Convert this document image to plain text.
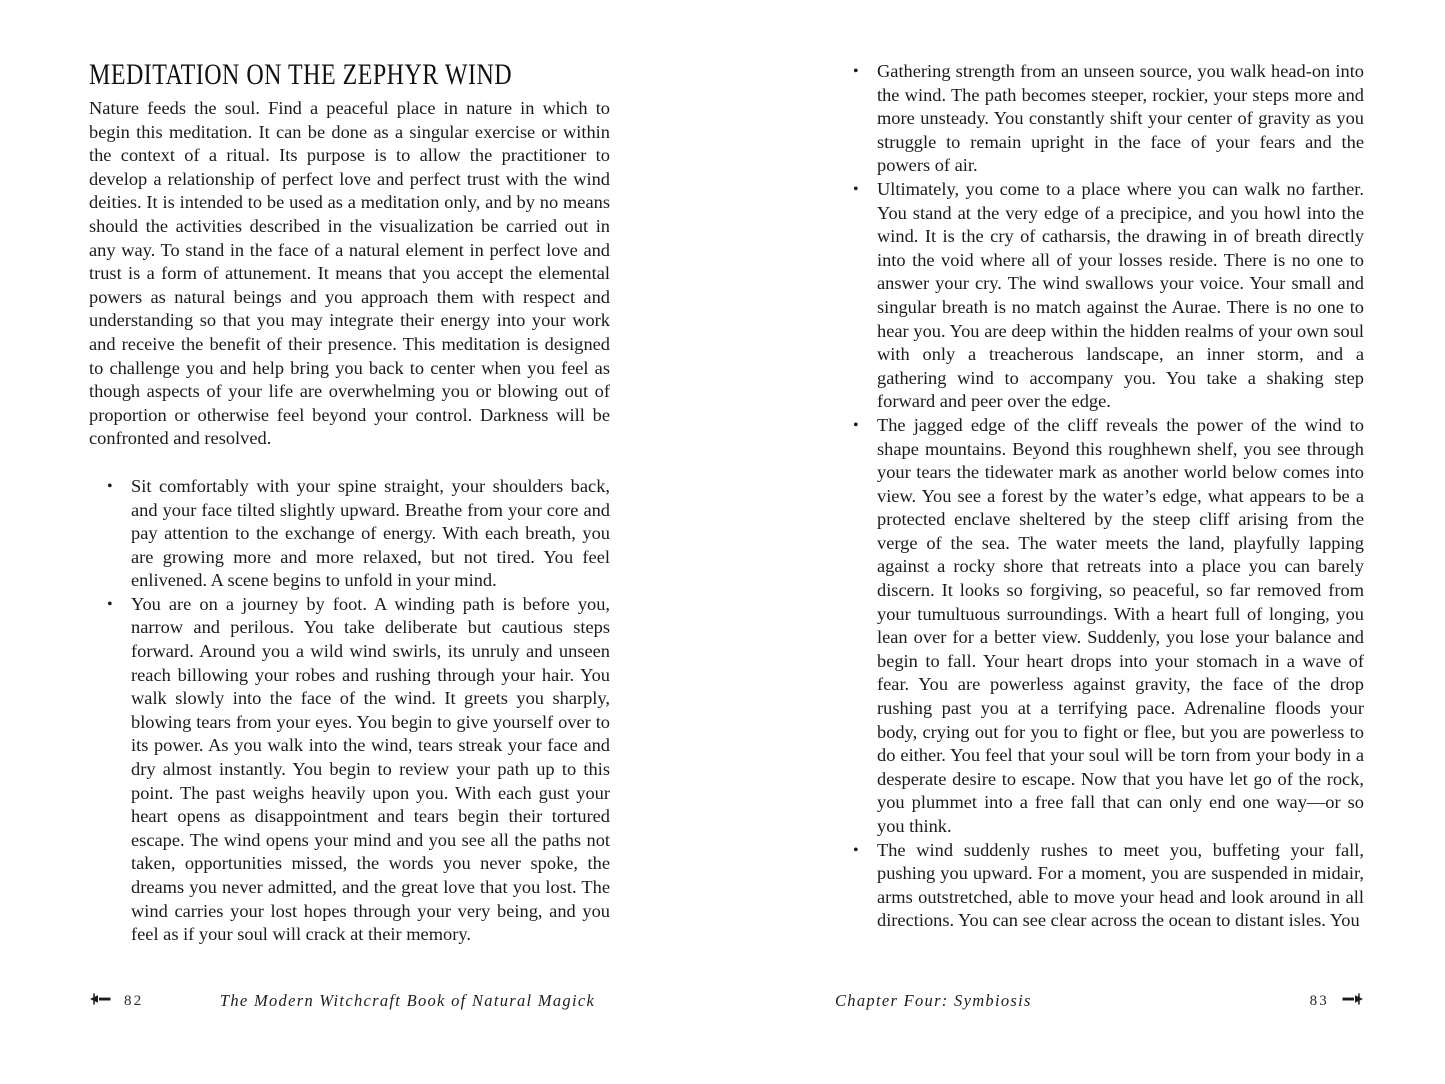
MEDITATION ON THE ZEPHYR WIND

Nature feeds the soul. Find a peaceful place in nature in which to begin this meditation. It can be done as a singular exercise or within the context of a ritual. Its purpose is to allow the practitioner to develop a relationship of perfect love and perfect trust with the wind deities. It is intended to be used as a meditation only, and by no means should the activities described in the visualization be carried out in any way. To stand in the face of a natural element in perfect love and trust is a form of attunement. It means that you accept the elemental powers as natural beings and you approach them with respect and understanding so that you may integrate their energy into your work and receive the benefit of their presence. This meditation is designed to challenge you and help bring you back to center when you feel as though aspects of your life are overwhelming you or blowing out of proportion or otherwise feel beyond your control. Darkness will be confronted and resolved.

• Sit comfortably with your spine straight, your shoulders back, and your face tilted slightly upward. Breathe from your core and pay attention to the exchange of energy. With each breath, you are growing more and more relaxed, but not tired. You feel enlivened. A scene begins to unfold in your mind.
• You are on a journey by foot. A winding path is before you, narrow and perilous. You take deliberate but cautious steps forward. Around you a wild wind swirls, its unruly and unseen reach billowing your robes and rushing through your hair. You walk slowly into the face of the wind. It greets you sharply, blowing tears from your eyes. You begin to give yourself over to its power. As you walk into the wind, tears streak your face and dry almost instantly. You begin to review your path up to this point. The past weighs heavily upon you. With each gust your heart opens as disappointment and tears begin their tortured escape. The wind opens your mind and you see all the paths not taken, opportunities missed, the words you never spoke, the dreams you never admitted, and the great love that you lost. The wind carries your lost hopes through your very being, and you feel as if your soul will crack at their memory.
82	The Modern Witchcraft Book of Natural Magick
• Gathering strength from an unseen source, you walk head-on into the wind. The path becomes steeper, rockier, your steps more and more unsteady. You constantly shift your center of gravity as you struggle to remain upright in the face of your fears and the powers of air.
• Ultimately, you come to a place where you can walk no farther. You stand at the very edge of a precipice, and you howl into the wind. It is the cry of catharsis, the drawing in of breath directly into the void where all of your losses reside. There is no one to answer your cry. The wind swallows your voice. Your small and singular breath is no match against the Aurae. There is no one to hear you. You are deep within the hidden realms of your own soul with only a treacherous landscape, an inner storm, and a gathering wind to accompany you. You take a shaking step forward and peer over the edge.
• The jagged edge of the cliff reveals the power of the wind to shape mountains. Beyond this roughhewn shelf, you see through your tears the tidewater mark as another world below comes into view. You see a forest by the water’s edge, what appears to be a protected enclave sheltered by the steep cliff arising from the verge of the sea. The water meets the land, playfully lapping against a rocky shore that retreats into a place you can barely discern. It looks so forgiving, so peaceful, so far removed from your tumultuous surroundings. With a heart full of longing, you lean over for a better view. Suddenly, you lose your balance and begin to fall. Your heart drops into your stomach in a wave of fear. You are powerless against gravity, the face of the drop rushing past you at a terrifying pace. Adrenaline floods your body, crying out for you to fight or flee, but you are powerless to do either. You feel that your soul will be torn from your body in a desperate desire to escape. Now that you have let go of the rock, you plummet into a free fall that can only end one way—or so you think.
• The wind suddenly rushes to meet you, buffeting your fall, pushing you upward. For a moment, you are suspended in midair, arms outstretched, able to move your head and look around in all directions. You can see clear across the ocean to distant isles. You
Chapter Four: Symbiosis	83
